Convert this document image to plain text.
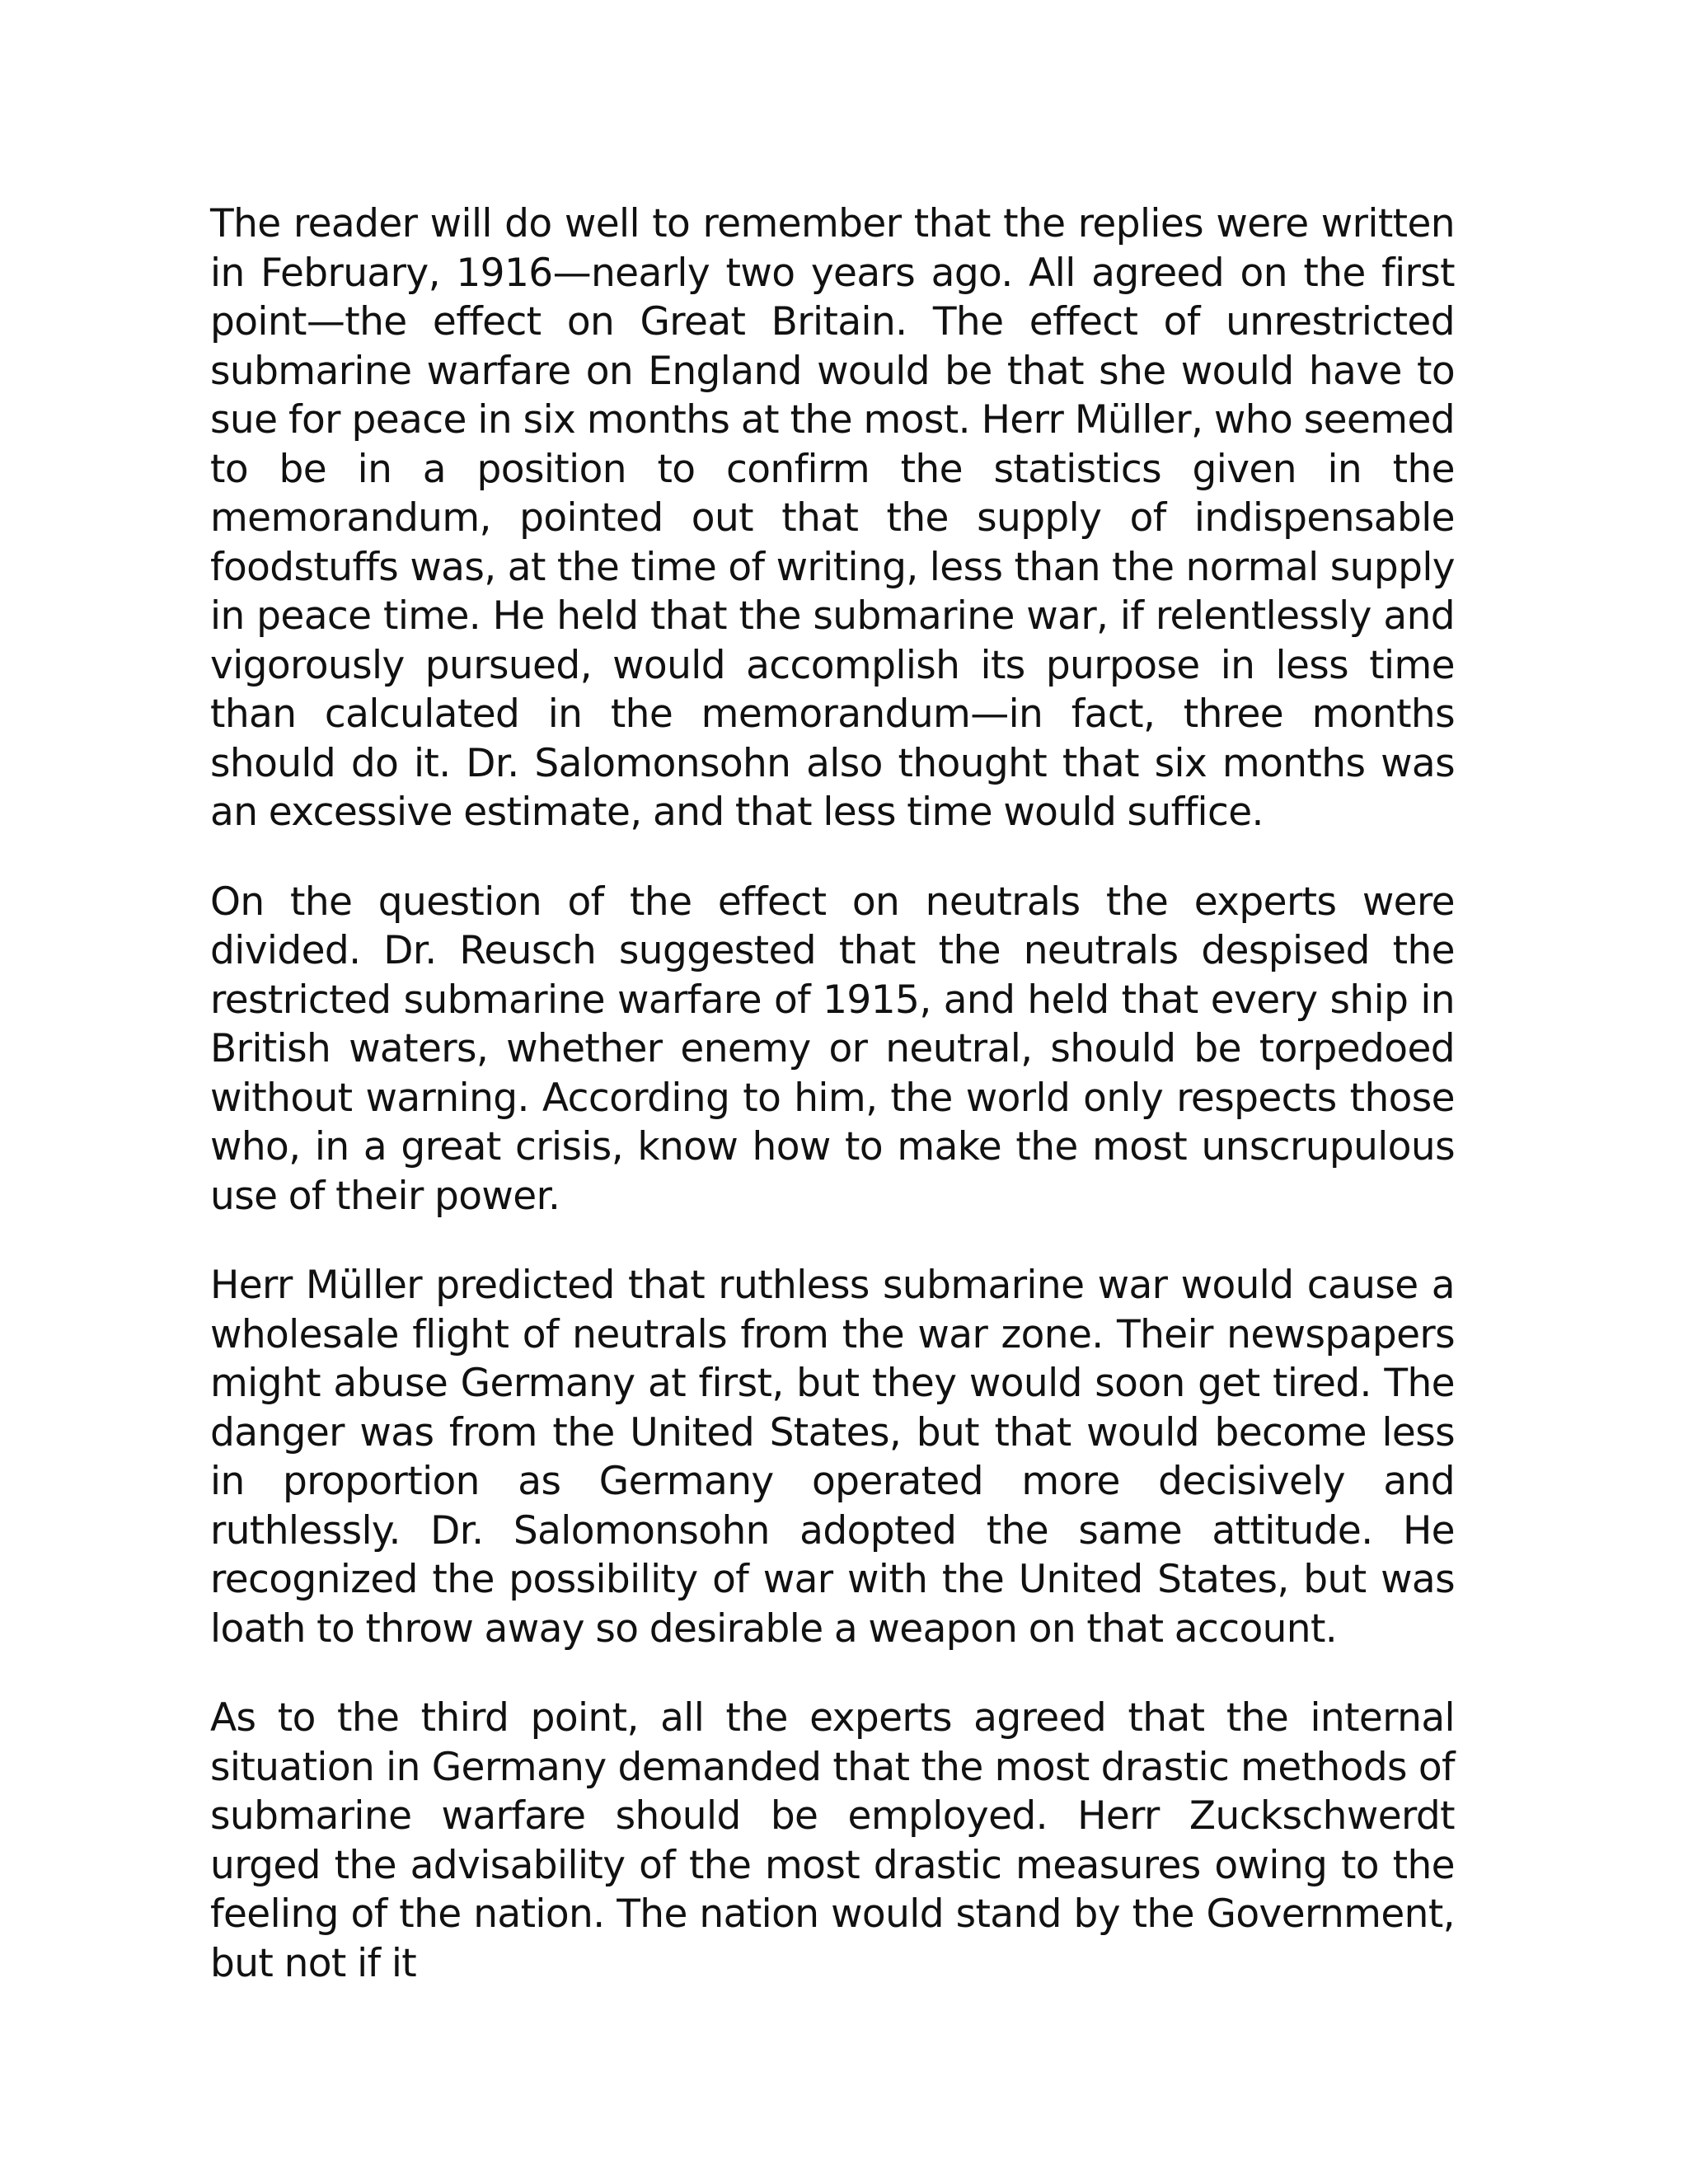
The reader will do well to remember that the replies were written in February, 1916—nearly two years ago. All agreed on the first point—the effect on Great Britain. The effect of unrestricted submarine warfare on England would be that she would have to sue for peace in six months at the most. Herr Müller, who seemed to be in a position to confirm the statistics given in the memorandum, pointed out that the supply of indispensable foodstuffs was, at the time of writing, less than the normal supply in peace time. He held that the submarine war, if relentlessly and vigorously pursued, would accomplish its purpose in less time than calculated in the memorandum—in fact, three months should do it. Dr. Salomonsohn also thought that six months was an excessive estimate, and that less time would suffice.

On the question of the effect on neutrals the experts were divided. Dr. Reusch suggested that the neutrals despised the restricted submarine warfare of 1915, and held that every ship in British waters, whether enemy or neutral, should be torpedoed without warning. According to him, the world only respects those who, in a great crisis, know how to make the most unscrupulous use of their power.

Herr Müller predicted that ruthless submarine war would cause a wholesale flight of neutrals from the war zone. Their newspapers might abuse Germany at first, but they would soon get tired. The danger was from the United States, but that would become less in proportion as Germany operated more decisively and ruthlessly. Dr. Salomonsohn adopted the same attitude. He recognized the possibility of war with the United States, but was loath to throw away so desirable a weapon on that account.

As to the third point, all the experts agreed that the internal situation in Germany demanded that the most drastic methods of submarine warfare should be employed. Herr Zuckschwerdt urged the advisability of the most drastic measures owing to the feeling of the nation. The nation would stand by the Government, but not if it
